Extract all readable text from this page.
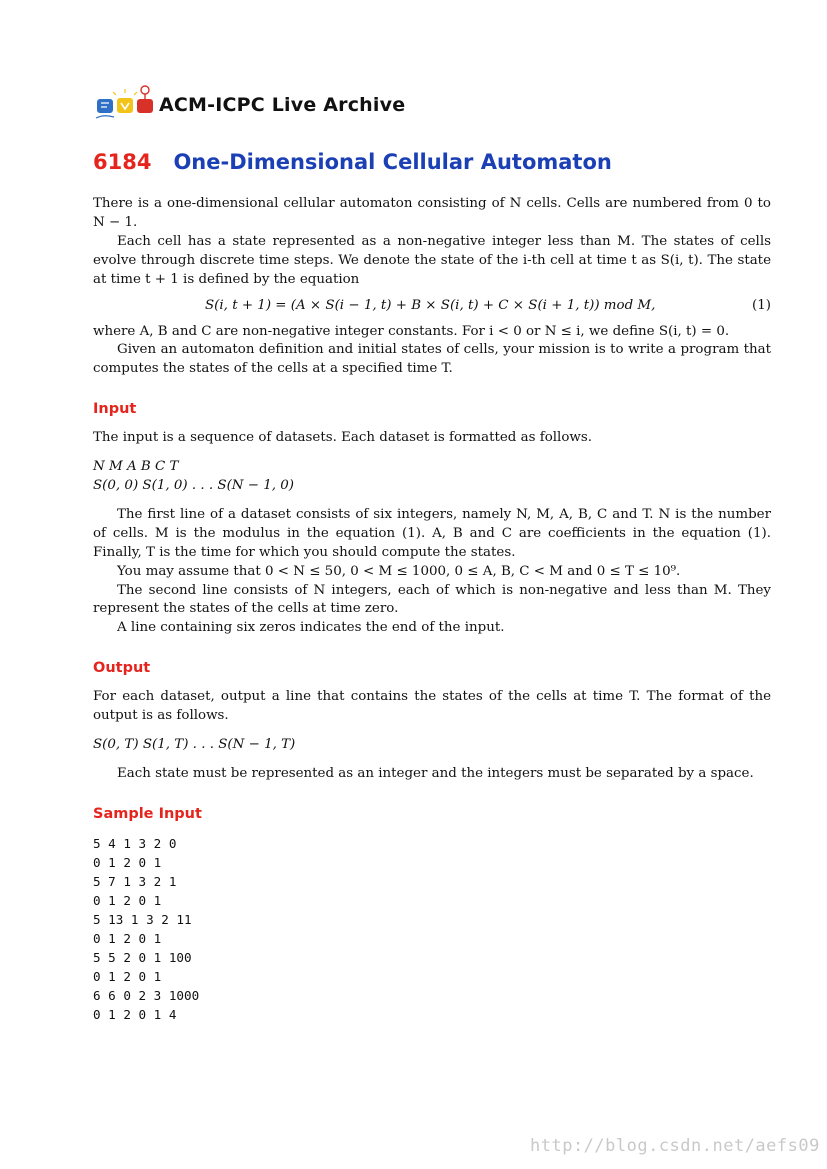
ACM-ICPC Live Archive
6184 One-Dimensional Cellular Automaton

There is a one-dimensional cellular automaton consisting of N cells. Cells are numbered from 0 to N − 1.

Each cell has a state represented as a non-negative integer less than M. The states of cells evolve through discrete time steps. We denote the state of the i-th cell at time t as S(i, t). The state at time t + 1 is defined by the equation

S(i, t + 1) = (A × S(i − 1, t) + B × S(i, t) + C × S(i + 1, t)) mod M,	(1)

where A, B and C are non-negative integer constants. For i < 0 or N ≤ i, we define S(i, t) = 0.

Given an automaton definition and initial states of cells, your mission is to write a program that computes the states of the cells at a specified time T.

Input

The input is a sequence of datasets. Each dataset is formatted as follows.

N M A B C T
S(0, 0) S(1, 0) . . . S(N − 1, 0)

The first line of a dataset consists of six integers, namely N, M, A, B, C and T. N is the number of cells. M is the modulus in the equation (1). A, B and C are coefficients in the equation (1). Finally, T is the time for which you should compute the states.

You may assume that 0 < N ≤ 50, 0 < M ≤ 1000, 0 ≤ A, B, C < M and 0 ≤ T ≤ 10⁹.

The second line consists of N integers, each of which is non-negative and less than M. They represent the states of the cells at time zero.

A line containing six zeros indicates the end of the input.

Output

For each dataset, output a line that contains the states of the cells at time T. The format of the output is as follows.

S(0, T) S(1, T) . . . S(N − 1, T)

Each state must be represented as an integer and the integers must be separated by a space.

Sample Input
5 4 1 3 2 0
0 1 2 0 1
5 7 1 3 2 1
0 1 2 0 1
5 13 1 3 2 11
0 1 2 0 1
5 5 2 0 1 100
0 1 2 0 1
6 6 0 2 3 1000
0 1 2 0 1 4
http://blog.csdn.net/aefs09
